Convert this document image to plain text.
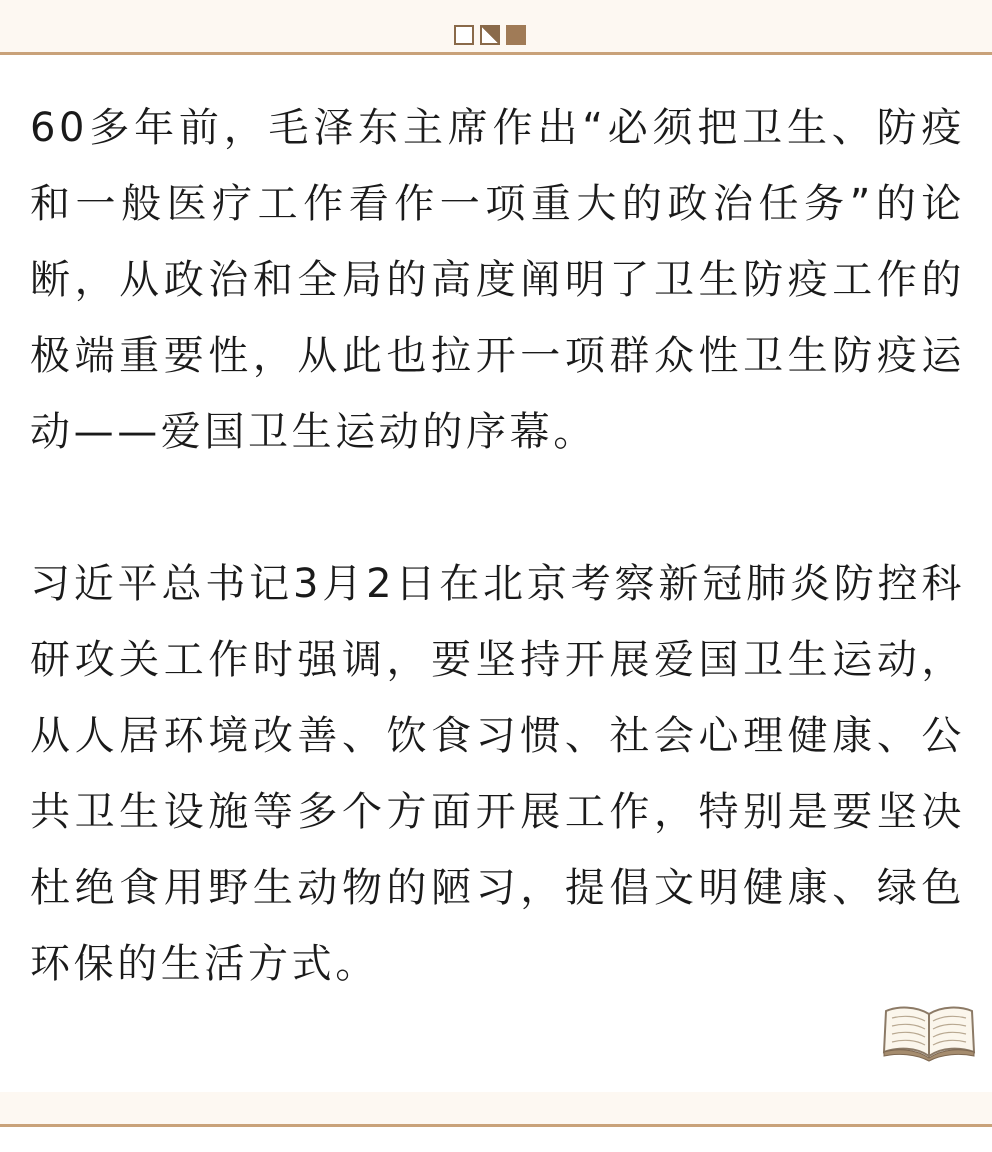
60多年前，毛泽东主席作出“必须把卫生、防疫和一般医疗工作看作一项重大的政治任务”的论断，从政治和全局的高度阐明了卫生防疫工作的极端重要性，从此也拉开一项群众性卫生防疫运动——爱国卫生运动的序幕。

习近平总书记3月2日在北京考察新冠肺炎防控科研攻关工作时强调，要坚持开展爱国卫生运动，从人居环境改善、饮食习惯、社会心理健康、公共卫生设施等多个方面开展工作，特别是要坚决杜绝食用野生动物的陋习，提倡文明健康、绿色环保的生活方式。
